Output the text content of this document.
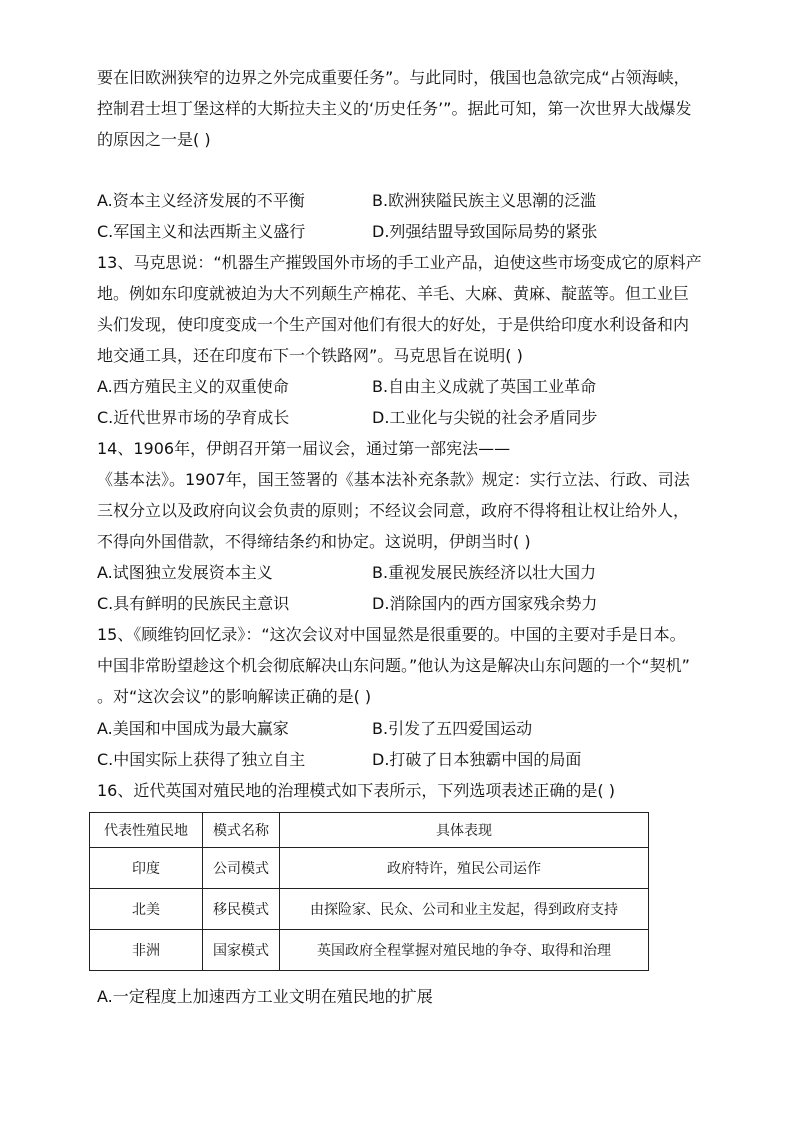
要在旧欧洲狭窄的边界之外完成重要任务”。与此同时，俄国也急欲完成“占领海峡，
控制君士坦丁堡这样的大斯拉夫主义的‘历史任务’”。据此可知，第一次世界大战爆发
的原因之一是( )
A.资本主义经济发展的不平衡	B.欧洲狭隘民族主义思潮的泛滥
C.军国主义和法西斯主义盛行	D.列强结盟导致国际局势的紧张
13、马克思说：“机器生产摧毁国外市场的手工业产品，迫使这些市场变成它的原料产
地。例如东印度就被迫为大不列颠生产棉花、羊毛、大麻、黄麻、靛蓝等。但工业巨
头们发现，使印度变成一个生产国对他们有很大的好处，于是供给印度水利设备和内
地交通工具，还在印度布下一个铁路网”。马克思旨在说明( )
A.西方殖民主义的双重使命	B.自由主义成就了英国工业革命
C.近代世界市场的孕育成长	D.工业化与尖锐的社会矛盾同步
14、1906年，伊朗召开第一届议会，通过第一部宪法——
《基本法》。1907年，国王签署的《基本法补充条款》规定：实行立法、行政、司法
三权分立以及政府向议会负责的原则；不经议会同意，政府不得将租让权让给外人，
不得向外国借款，不得缔结条约和协定。这说明，伊朗当时( )
A.试图独立发展资本主义	B.重视发展民族经济以壮大国力
C.具有鲜明的民族民主意识	D.消除国内的西方国家残余势力
15、《顾维钧回忆录》：“这次会议对中国显然是很重要的。中国的主要对手是日本。
中国非常盼望趁这个机会彻底解决山东问题。”他认为这是解决山东问题的一个“契机”
。对“这次会议”的影响解读正确的是( )
A.美国和中国成为最大赢家	B.引发了五四爱国运动
C.中国实际上获得了独立自主	D.打破了日本独霸中国的局面
16、近代英国对殖民地的治理模式如下表所示，下列选项表述正确的是( )
代表性殖民地	模式名称	具体表现
印度	公司模式	政府特许，殖民公司运作
北美	移民模式	由探险家、民众、公司和业主发起，得到政府支持
非洲	国家模式	英国政府全程掌握对殖民地的争夺、取得和治理
A.一定程度上加速西方工业文明在殖民地的扩展
